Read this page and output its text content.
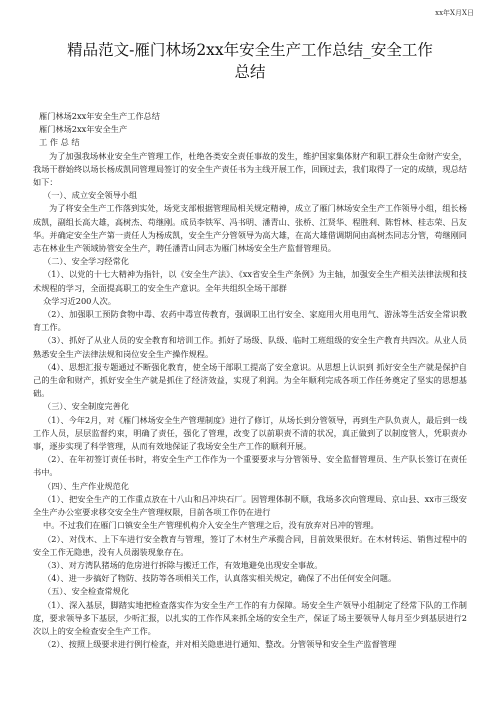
xx年X月X日
精品范文-雁门林场2xx年安全生产工作总结_安全工作总结

雁门林场2xx年安全生产工作总结

雁门林场2xx年安全生产

工 作 总 结

为了加强我场林业安全生产管理工作，杜绝各类安全责任事故的发生，维护国家集体财产和职工群众生命财产安全，我场干群始终以场长杨成凯同管理局签订的安全生产责任书为主线开展工作，回顾过去，我们取得了一定的成绩，现总结如下：

（一）、成立安全领导小组

为了将安全生产工作落到实处，场党支部根据管理局相关规定精神，成立了雁门林场安全生产工作领导小组，组长杨成凯，副组长高大雄，高树杰、苟继刚。成员李铁军、冯书明、潘青山、张桥、江贤华、程胜利、陈哲林、桂志荣、吕友华。并确定安全生产第一责任人为杨成凯，安全生产分管领导为高大雄，在高大雄借调期间由高树杰同志分管，苟继刚同志在林业生产领域协管安全生产，聘任潘青山同志为雁门林场安全生产监督管理员。

（二）、安全学习经常化

（1）、以党的十七大精神为指针，以《安全生产法》、《xx省安全生产条例》为主轴，加强安全生产相关法律法规和技术规程的学习，全面提高职工的安全生产意识。全年共组织全场干部群

众学习近200人次。

（2）、加强职工预防食物中毒、农药中毒宣传教育，强调职工出行安全、家庭用火用电用气、游泳等生活安全常识教育工作。

（3）、抓好了从业人员的安全教育和培训工作。抓好了场级、队级、临时工班组级的安全生产教育共四次。从业人员熟悉安全生产法律法规和岗位安全生产操作规程。

（4）、思想汇报专题通过不断强化教育，使全场干部职工提高了安全意识。从思想上认识到 抓好安全生产就是保护自己的生命和财产，抓好安全生产就是抓住了经济效益，实现了利润。为全年顺利完成各项工作任务奠定了坚实的思想基础。

（三）、安全制度完善化

（1）、今年2月，对《雁门林场安全生产管理制度》进行了修订，从场长到分管领导，再到生产队负责人，最后到一线工作人员，层层监督约束，明确了责任，强化了管理，改变了以前职责不清的状况，真正做到了以制度管人，凭职责办事，逐步实现了科学管理，从而有效地保证了我场安全生产工作的顺利开展。

（2）、在年初签订责任书时，将安全生产工作作为一个重要要求与分管领导、安全监督管理员、生产队长签订在责任书中。

（四）、生产作业规范化

（1）、把安全生产的工作重点放在十八山和吕冲块石厂。因管理体制不顺，我场多次向管理局、京山县、xx市三级安全生产办公室要求移交安全生产管理权限，目前各项工作仍在进行

中。不过我们在雁门口镇安全生产管理机构介入安全生产管理之后，没有放弃对吕冲的管理。

（2）、对伐木、上下车进行安全教育与管理，签订了木材生产承揽合同，目前效果很好。在木材转运、销售过程中的安全工作无隐患，没有人员溺装现象存在。

（3）、对方湾队猪场的危房进行拆除与搬迁工作，有效地避免出现安全事故。

（4）、进一步搞好了物防、技防等各项相关工作，认真落实相关规定，确保了不出任何安全问题。

（五）、安全检查常规化

（1）、深入基层，脚踏实地把检查落实作为安全生产工作的有力保障。场安全生产领导小组制定了经常下队的工作制度，要求领导多下基层，少听汇报，以扎实的工作作风来抓全场的安全生产，保证了场主要领导人每月至少到基层进行2次以上的安全检查安全生产工作。

（2）、按照上级要求进行例行检查，并对相关隐患进行通知、整改。分管领导和安全生产监督管理
